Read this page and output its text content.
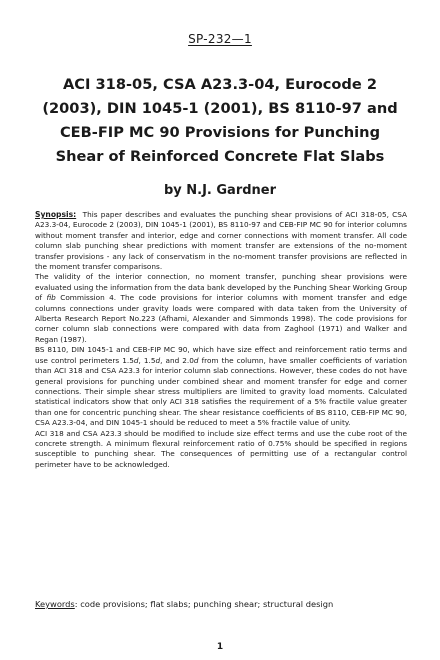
SP-232—1
ACI 318-05, CSA A23.3-04, Eurocode 2
(2003), DIN 1045-1 (2001), BS 8110-97 and
CEB-FIP MC 90 Provisions for Punching
Shear of Reinforced Concrete Flat Slabs
by N.J. Gardner

Synopsis: This paper describes and evaluates the punching shear provisions of ACI 318-05, CSA A23.3-04, Eurocode 2 (2003), DIN 1045-1 (2001), BS 8110-97 and CEB-FIP MC 90 for interior columns without moment transfer and interior, edge and corner connections with moment transfer. All code column slab punching shear predictions with moment transfer are extensions of the no-moment transfer provisions - any lack of conservatism in the no-moment transfer provisions are reflected in the moment transfer comparisons.

The validity of the interior connection, no moment transfer, punching shear provisions were evaluated using the information from the data bank developed by the Punching Shear Working Group of fib Commission 4. The code provisions for interior columns with moment transfer and edge columns connections under gravity loads were compared with data taken from the University of Alberta Research Report No.223 (Afhami, Alexander and Simmonds 1998). The code provisions for corner column slab connections were compared with data from Zaghool (1971) and Walker and Regan (1987).

BS 8110, DIN 1045-1 and CEB-FIP MC 90, which have size effect and reinforcement ratio terms and use control perimeters 1.5d, 1.5d, and 2.0d from the column, have smaller coefficients of variation than ACI 318 and CSA A23.3 for interior column slab connections. However, these codes do not have general provisions for punching under combined shear and moment transfer for edge and corner connections. Their simple shear stress multipliers are limited to gravity load moments. Calculated statistical indicators show that only ACI 318 satisfies the requirement of a 5% fractile value greater than one for concentric punching shear. The shear resistance coefficients of BS 8110, CEB-FIP MC 90, CSA A23.3-04, and DIN 1045-1 should be reduced to meet a 5% fractile value of unity.

ACI 318 and CSA A23.3 should be modified to include size effect terms and use the cube root of the concrete strength. A minimum flexural reinforcement ratio of 0.75% should be specified in regions susceptible to punching shear. The consequences of permitting use of a rectangular control perimeter have to be acknowledged.

Keywords: code provisions; flat slabs; punching shear; structural design
1
